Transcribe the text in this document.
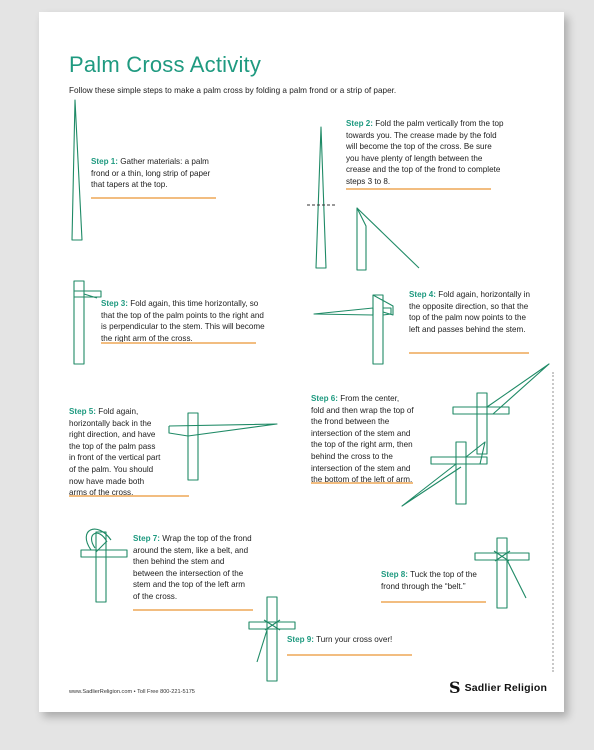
Palm Cross Activity

Follow these simple steps to make a palm cross by folding a palm frond or a strip of paper.

Step 1: Gather materials: a palm frond or a thin, long strip of paper that tapers at the top.

Step 2: Fold the palm vertically from the top towards you. The crease made by the fold will become the top of the cross. Be sure you have plenty of length between the crease and the top of the frond to complete steps 3 to 8.

Step 3: Fold again, this time horizontally, so that the top of the palm points to the right and is perpendicular to the stem. This will become the right arm of the cross.

Step 4: Fold again, horizontally in the opposite direction, so that the top of the palm now points to the left and passes behind the stem.

Step 5: Fold again, horizontally back in the right direction, and have the top of the palm pass in front of the vertical part of the palm. You should now have made both arms of the cross.

Step 6: From the center, fold and then wrap the top of the frond between the intersection of the stem and the top of the right arm, then behind the cross to the intersection of the stem and the bottom of the left of arm.

Step 7: Wrap the top of the frond around the stem, like a belt, and then behind the stem and between the intersection of the stem and the top of the left arm of the cross.

Step 8: Tuck the top of the frond through the “belt.”

Step 9: Turn your cross over!

www.SadlierReligion.com • Toll Free 800-221-5175	S Sadlier Religion
